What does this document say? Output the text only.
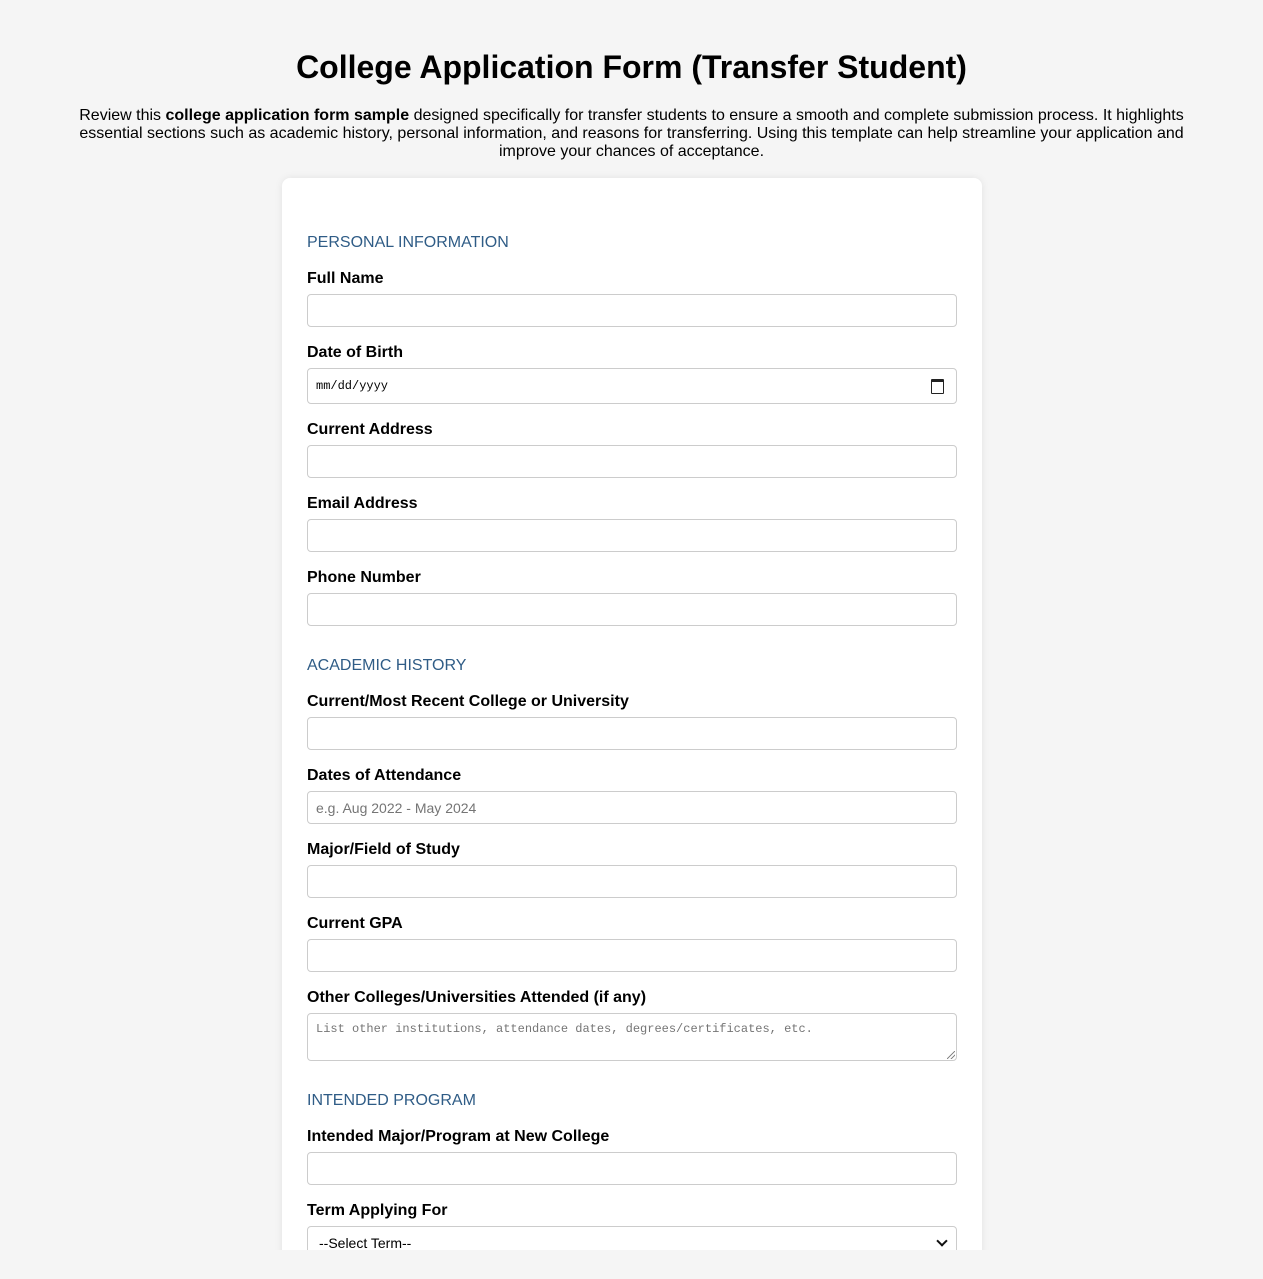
College Application Form (Transfer Student)

Review this college application form sample designed specifically for transfer students to ensure a smooth and complete submission process. It highlights essential sections such as academic history, personal information, and reasons for transferring. Using this template can help streamline your application and improve your chances of acceptance.

PERSONAL INFORMATION
Full Name
Date of Birth
mm/dd/yyyy
Current Address
Email Address
Phone Number
ACADEMIC HISTORY
Current/Most Recent College or University
Dates of Attendance
e.g. Aug 2022 - May 2024
Major/Field of Study
Current GPA
Other Colleges/Universities Attended (if any)
List other institutions, attendance dates, degrees/certificates, etc.
INTENDED PROGRAM
Intended Major/Program at New College
Term Applying For
--Select Term--
